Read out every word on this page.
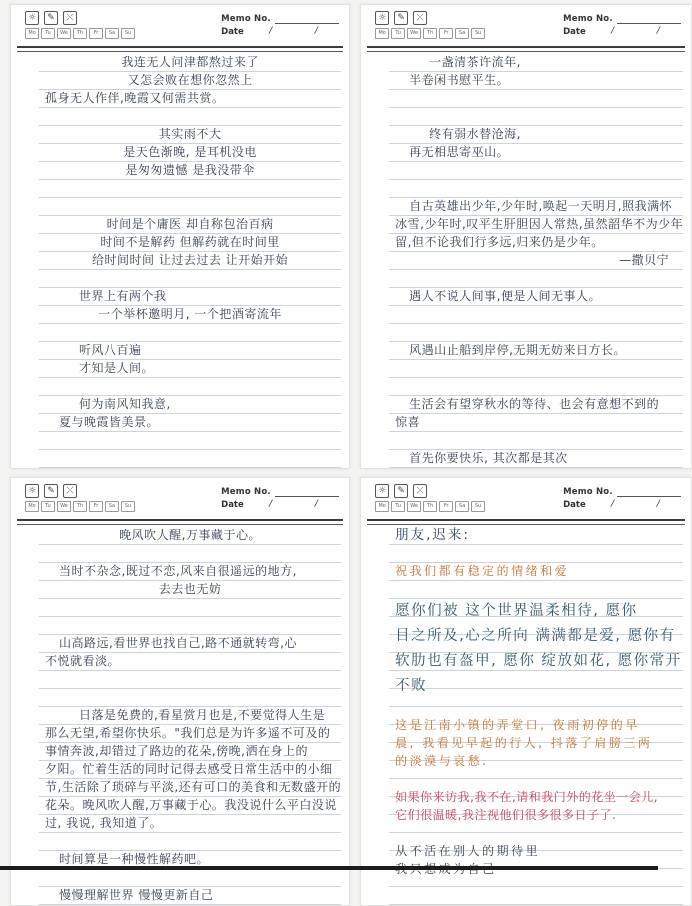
☼	✎	⤬
Mo	Tu	We	Th	Fr	Sa	Su
Memo No.
Date	/	/
我连无人问津都熬过来了
又怎会败在想你忽然上
孤身无人作伴,晚霞又何需共赏。
其实雨不大
是天色渐晚, 是耳机没电
是匆匆遗憾 是我没带伞
时间是个庸医 却自称包治百病
时间不是解药 但解药就在时间里
给时间时间 让过去过去 让开始开始
世界上有两个我
一个举杯邀明月, 一个把酒寄流年
听风八百遍
才知是人间。
何为南风知我意,
夏与晚霞皆美景。
☼	✎	⤬
Mo	Tu	We	Th	Fr	Sa	Su
Memo No.
Date	/	/
一盏清茶许流年,
半卷闲书慰平生。
终有弱水替沧海,
再无相思寄巫山。
自古英雄出少年,少年时,唤起一天明月,照我满怀
冰雪,少年时,叹平生肝胆因人常热,虽然韶华不为少年
留,但不论我们行多远,归来仍是少年。
—撒贝宁
遇人不说人间事,便是人间无事人。
风遇山止船到岸停,无期无妨来日方长。
生活会有望穿秋水的等待、也会有意想不到的
惊喜
首先你要快乐, 其次都是其次
☼	✎	⤬
Mo	Tu	We	Th	Fr	Sa	Su
Memo No.
Date	/	/
晚风吹人醒,万事藏于心。
当时不杂念,既过不恋,风来自很遥远的地方,
去去也无妨
山高路远,看世界也找自己,路不通就转弯,心
不悦就看淡。
日落是免费的,看星赏月也是,不要觉得人生是
那么无望,希望你快乐。"我们总是为许多遥不可及的
事情奔波,却错过了路边的花朵,傍晚,洒在身上的
夕阳。忙着生活的同时记得去感受日常生活中的小细
节,生活除了琐碎与平淡,还有可口的美食和无数盛开的
花朵。晚风吹人醒,万事藏于心。我没说什么平白没说
过, 我说, 我知道了。
时间算是一种慢性解药吧。
慢慢理解世界 慢慢更新自己
☼	✎	⤬
Mo	Tu	We	Th	Fr	Sa	Su
Memo No.
Date	/	/
朋友,迟来:
祝我们都有稳定的情绪和爱
愿你们被 这个世界温柔相待, 愿你
目之所及,心之所向 满满都是爱, 愿你有
软肋也有盔甲, 愿你 绽放如花, 愿你常开
不败
这是江南小镇的弄堂口, 夜雨初停的早
晨, 我看见早起的行人, 抖落了肩膀三两
的淡漠与哀愁.
如果你来访我,我不在,请和我门外的花坐一会儿,
它们很温暖,我注视他们很多很多日子了.
从不活在别人的期待里
